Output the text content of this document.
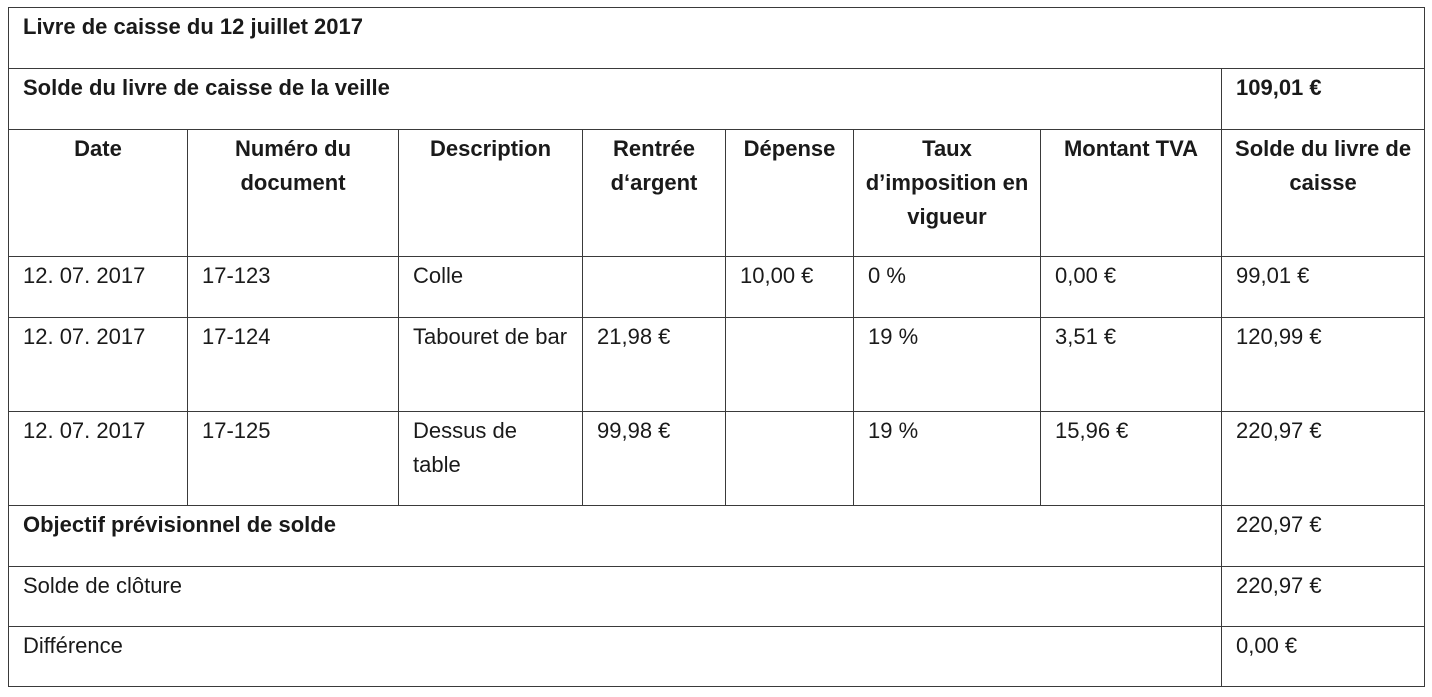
Livre de caisse du 12 juillet 2017							
Solde du livre de caisse de la veille							109,01 €
Date	Numéro du document	Description	Rentrée d‘argent	Dépense	Taux d’imposition en vigueur	Montant TVA	Solde du livre de caisse
12. 07. 2017	17-123	Colle		10,00 €	0 %	0,00 €	99,01 €
12. 07. 2017	17-124	Tabouret de bar	21,98 €		19 %	3,51 €	120,99 €
12. 07. 2017	17-125	Dessus de table	99,98 €		19 %	15,96 €	220,97 €
Objectif prévisionnel de solde							220,97 €
Solde de clôture							220,97 €
Différence							0,00 €
